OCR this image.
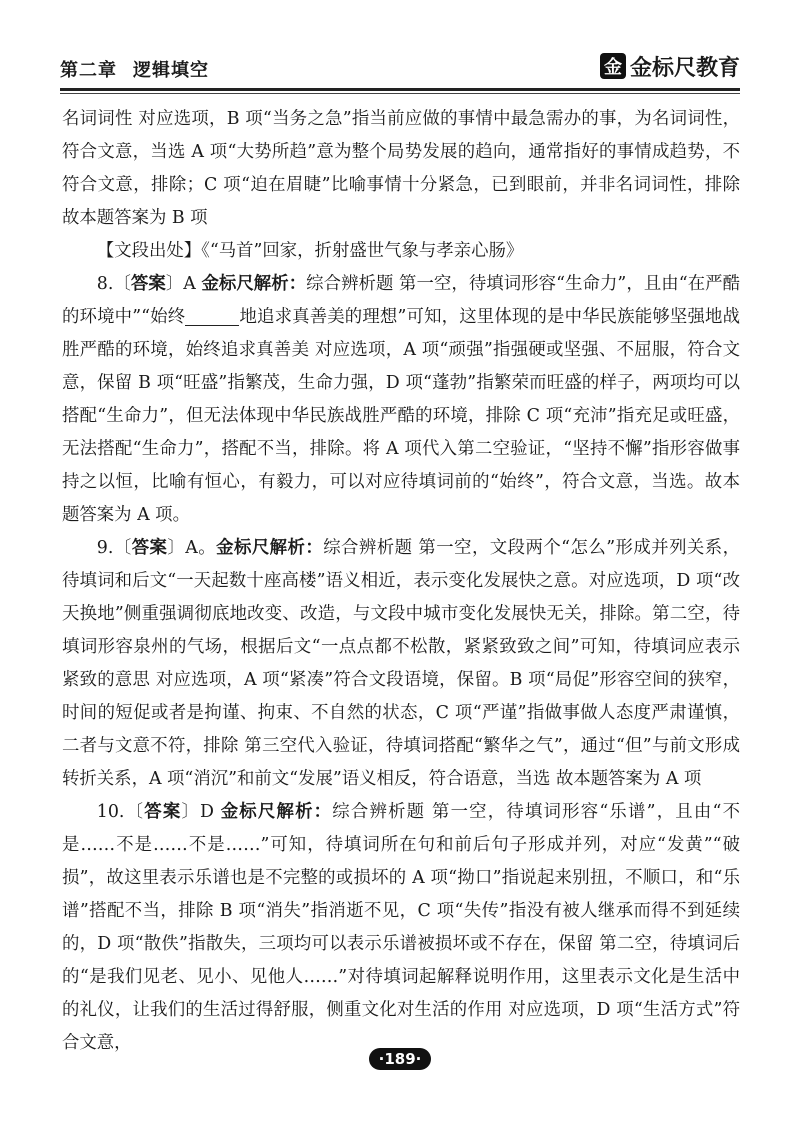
第二章 逻辑填空	金 金标尺教育

名词词性 对应选项，B 项“当务之急”指当前应做的事情中最急需办的事，为名词词性，符合文意，当选 A 项“大势所趋”意为整个局势发展的趋向，通常指好的事情成趋势，不符合文意，排除；C 项“迫在眉睫”比喻事情十分紧急，已到眼前，并非名词词性，排除 故本题答案为 B 项

【文段出处】《“马首”回家，折射盛世气象与孝亲心肠》

8.〔答案〕A 金标尺解析：综合辨析题 第一空，待填词形容“生命力”，且由“在严酷的环境中”“始终	地追求真善美的理想”可知，这里体现的是中华民族能够坚强地战胜严酷的环境，始终追求真善美 对应选项，A 项“顽强”指强硬或坚强、不屈服，符合文意，保留 B 项“旺盛”指繁茂，生命力强，D 项“蓬勃”指繁荣而旺盛的样子，两项均可以搭配“生命力”，但无法体现中华民族战胜严酷的环境，排除 C 项“充沛”指充足或旺盛，无法搭配“生命力”，搭配不当，排除。将 A 项代入第二空验证，“坚持不懈”指形容做事持之以恒，比喻有恒心，有毅力，可以对应待填词前的“始终”，符合文意，当选。故本题答案为 A 项。

9.〔答案〕A。金标尺解析：综合辨析题 第一空，文段两个“怎么”形成并列关系，待填词和后文“一天起数十座高楼”语义相近，表示变化发展快之意。对应选项，D 项“改天换地”侧重强调彻底地改变、改造，与文段中城市变化发展快无关，排除。第二空，待填词形容泉州的气场，根据后文“一点点都不松散，紧紧致致之间”可知，待填词应表示紧致的意思 对应选项，A 项“紧凑”符合文段语境，保留。B 项“局促”形容空间的狭窄，时间的短促或者是拘谨、拘束、不自然的状态，C 项“严谨”指做事做人态度严肃谨慎，二者与文意不符，排除 第三空代入验证，待填词搭配“繁华之气”，通过“但”与前文形成转折关系，A 项“消沉”和前文“发展”语义相反，符合语意，当选 故本题答案为 A 项

10.〔答案〕D 金标尺解析：综合辨析题 第一空，待填词形容“乐谱”，且由“不是……不是……不是……”可知，待填词所在句和前后句子形成并列，对应“发黄”“破损”，故这里表示乐谱也是不完整的或损坏的 A 项“拗口”指说起来别扭，不顺口，和“乐谱”搭配不当，排除 B 项“消失”指消逝不见，C 项“失传”指没有被人继承而得不到延续的，D 项“散佚”指散失，三项均可以表示乐谱被损坏或不存在，保留 第二空，待填词后的“是我们见老、见小、见他人……”对待填词起解释说明作用，这里表示文化是生活中的礼仪，让我们的生活过得舒服，侧重文化对生活的作用 对应选项，D 项“生活方式”符合文意，

·189·
